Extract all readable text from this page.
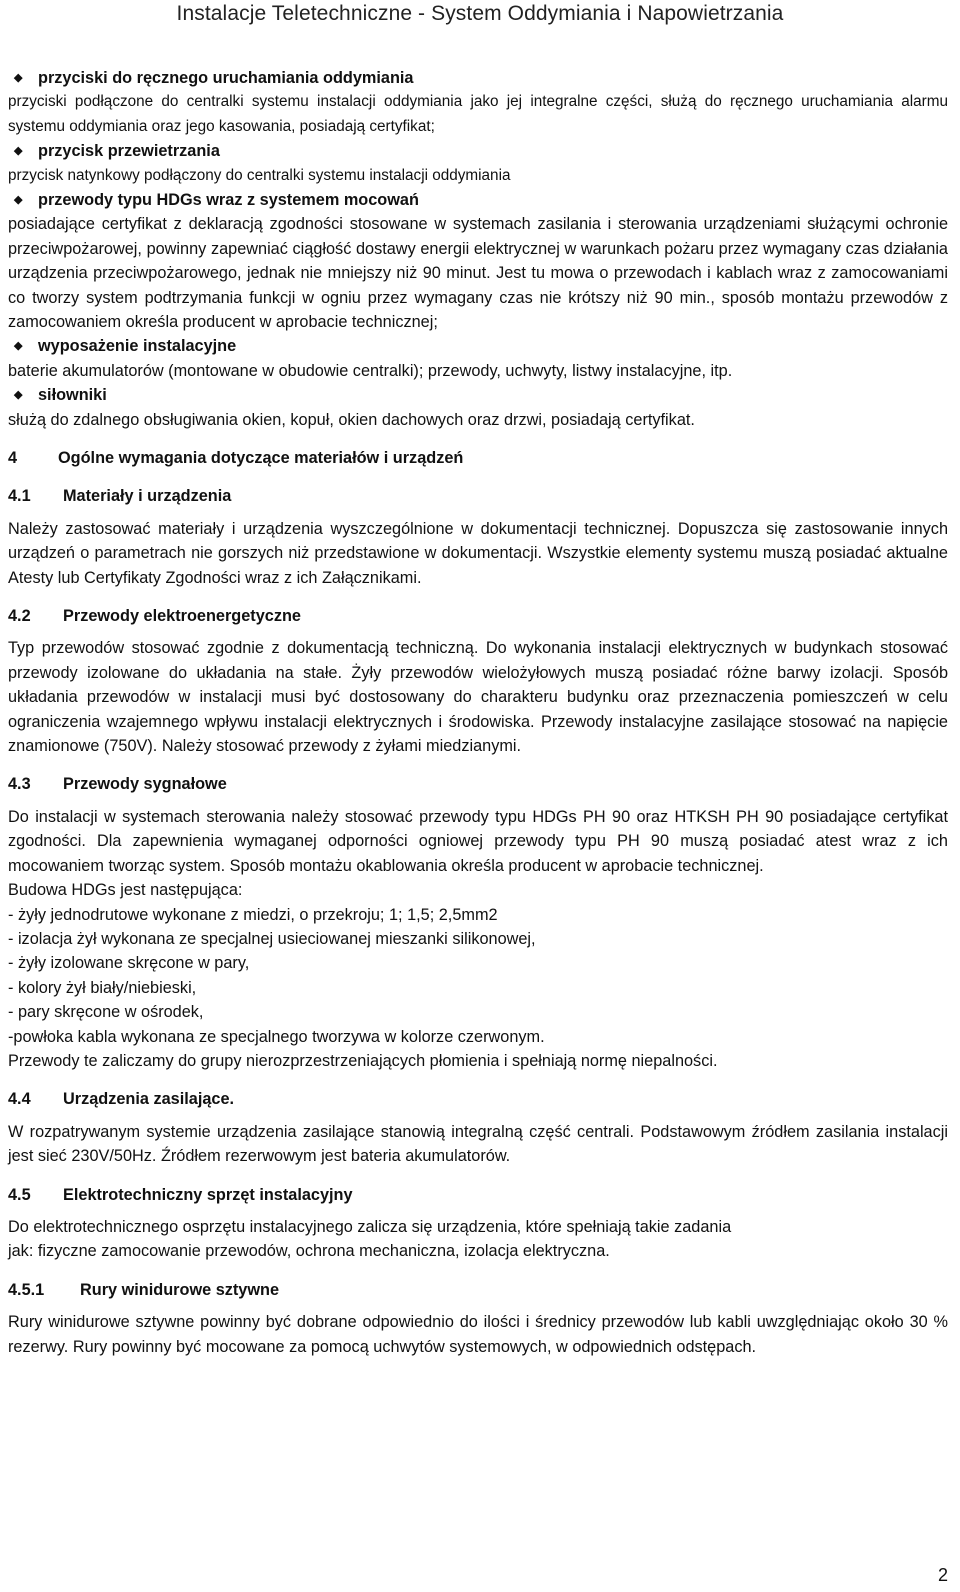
Instalacje Teletechniczne - System Oddymiania i Napowietrzania
◆ przyciski do ręcznego uruchamiania oddymiania

przyciski podłączone do centralki systemu instalacji oddymiania jako jej integralne części, służą do ręcznego uruchamiania alarmu systemu oddymiania oraz jego kasowania, posiadają certyfikat;

◆ przycisk przewietrzania

przycisk natynkowy podłączony do centralki systemu instalacji oddymiania

◆ przewody typu HDGs wraz z systemem mocowań

posiadające certyfikat z deklaracją zgodności stosowane w systemach zasilania i sterowania urządzeniami służącymi ochronie przeciwpożarowej, powinny zapewniać ciągłość dostawy energii elektrycznej w warunkach pożaru przez wymagany czas działania urządzenia przeciwpożarowego, jednak nie mniejszy niż 90 minut. Jest tu mowa o przewodach i kablach wraz z zamocowaniami co tworzy system podtrzymania funkcji w ogniu przez wymagany czas nie krótszy niż 90 min., sposób montażu przewodów z zamocowaniem określa producent w aprobacie technicznej;

◆ wyposażenie instalacyjne

baterie akumulatorów (montowane w obudowie centralki); przewody, uchwyty, listwy instalacyjne, itp.

◆ siłowniki

służą do zdalnego obsługiwania okien, kopuł, okien dachowych oraz drzwi, posiadają certyfikat.

4	Ogólne wymagania dotyczące materiałów i urządzeń
4.1 Materiały i urządzenia

Należy zastosować materiały i urządzenia wyszczególnione w dokumentacji technicznej. Dopuszcza się zastosowanie innych urządzeń o parametrach nie gorszych niż przedstawione w dokumentacji. Wszystkie elementy systemu muszą posiadać aktualne Atesty lub Certyfikaty Zgodności wraz z ich Załącznikami.

4.2 Przewody elektroenergetyczne

Typ przewodów stosować zgodnie z dokumentacją techniczną. Do wykonania instalacji elektrycznych w budynkach stosować przewody izolowane do układania na stałe. Żyły przewodów wielożyłowych muszą posiadać różne barwy izolacji. Sposób układania przewodów w instalacji musi być dostosowany do charakteru budynku oraz przeznaczenia pomieszczeń w celu ograniczenia wzajemnego wpływu instalacji elektrycznych i środowiska. Przewody instalacyjne zasilające stosować na napięcie znamionowe (750V). Należy stosować przewody z żyłami miedzianymi.

4.3 Przewody sygnałowe

Do instalacji w systemach sterowania należy stosować przewody typu HDGs PH 90 oraz HTKSH PH 90 posiadające certyfikat zgodności. Dla zapewnienia wymaganej odporności ogniowej przewody typu PH 90 muszą posiadać atest wraz z ich mocowaniem tworząc system. Sposób montażu okablowania określa producent w aprobacie technicznej.

Budowa HDGs jest następująca:
- żyły jednodrutowe wykonane z miedzi, o przekroju; 1; 1,5; 2,5mm2
- izolacja żył wykonana ze specjalnej usieciowanej mieszanki silikonowej,
- żyły izolowane skręcone w pary,
- kolory żył biały/niebieski,
- pary skręcone w ośrodek,
-powłoka kabla wykonana ze specjalnego tworzywa w kolorze czerwonym.
Przewody te zaliczamy do grupy nierozprzestrzeniających płomienia i spełniają normę niepalności.
4.4 Urządzenia zasilające.

W rozpatrywanym systemie urządzenia zasilające stanowią integralną część centrali. Podstawowym źródłem zasilania instalacji jest sieć 230V/50Hz. Źródłem rezerwowym jest bateria akumulatorów.

4.5 Elektrotechniczny sprzęt instalacyjny
Do elektrotechnicznego osprzętu instalacyjnego zalicza się urządzenia, które spełniają takie zadania
jak: fizyczne zamocowanie przewodów, ochrona mechaniczna, izolacja elektryczna.
4.5.1 Rury winidurowe sztywne

Rury winidurowe sztywne powinny być dobrane odpowiednio do ilości i średnicy przewodów lub kabli uwzględniając około 30 % rezerwy. Rury powinny być mocowane za pomocą uchwytów systemowych, w odpowiednich odstępach.

2
